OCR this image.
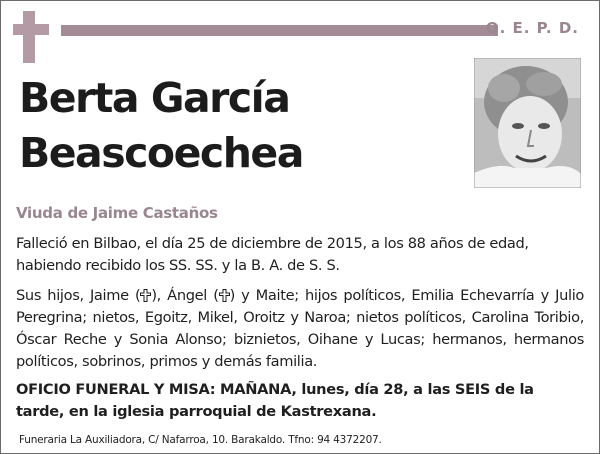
Q. E. P. D.
Berta García
Beascoechea
Viuda de Jaime Castaños

Falleció en Bilbao, el día 25 de diciembre de 2015, a los 88 años de edad, habiendo recibido los SS. SS. y la B. A. de S. S.

Sus hijos, Jaime ( ), Ángel ( ) y Maite; hijos políticos, Emilia Echevarría y Julio Peregrina; nietos, Egoitz, Mikel, Oroitz y Naroa; nietos políticos, Carolina Toribio, Óscar Reche y Sonia Alonso; biznietos, Oihane y Lucas; hermanos, hermanos políticos, sobrinos, primos y demás familia.

OFICIO FUNERAL Y MISA: MAÑANA, lunes, día 28, a las SEIS de la tarde, en la iglesia parroquial de Kastrexana.

Funeraria La Auxiliadora, C/ Nafarroa, 10. Barakaldo. Tfno: 94 4372207.
